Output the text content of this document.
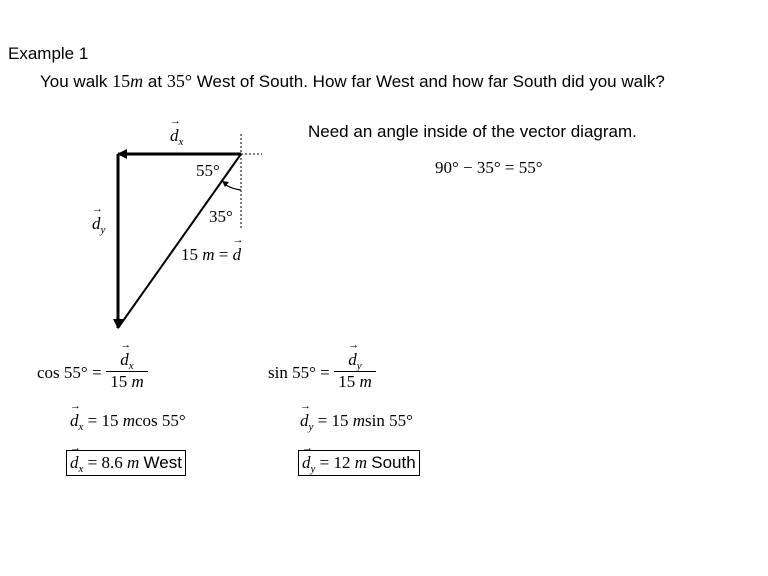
Example 1
You walk 15m at 35° West of South. How far West and how far South did you walk?
Need an angle inside of the vector diagram.
90° − 35° = 55°
→ $d_x$
→ $d_y$
55°
35°
15 m = → d
cos 55° = → $\frac{d_x}{15 m}$
→ $d_x = 15$ mcos 55°
→ $d_x = 8.6$ m West
sin 55° = → $\frac{d_y}{15 m}$
→ $d_y = 15$ msin 55°
→ $d_y = 12$ m South
